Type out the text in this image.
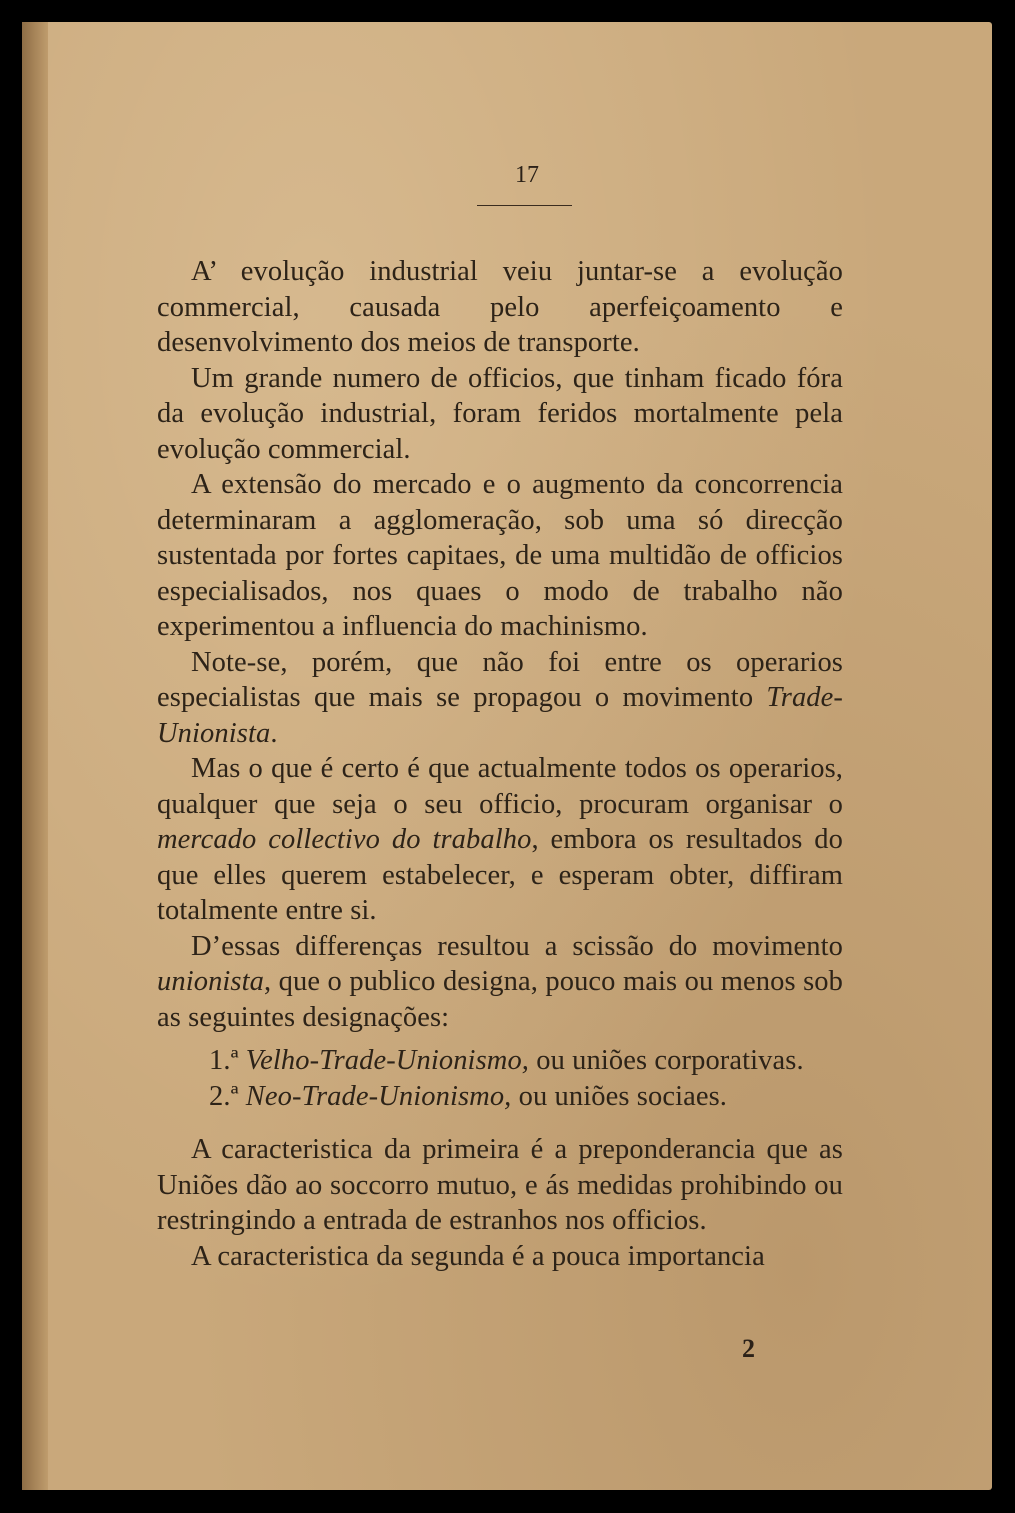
17

A’ evolução industrial veiu juntar-se a evolução commercial, causada pelo aperfeiçoamento e desenvolvimento dos meios de transporte.

Um grande numero de officios, que tinham ficado fóra da evolução industrial, foram feridos mortalmente pela evolução commercial.

A extensão do mercado e o augmento da concorrencia determinaram a agglomeração, sob uma só direcção sustentada por fortes capitaes, de uma multidão de officios especialisados, nos quaes o modo de trabalho não experimentou a influencia do machinismo.

Note-se, porém, que não foi entre os operarios especialistas que mais se propagou o movimento Trade-Unionista.

Mas o que é certo é que actualmente todos os operarios, qualquer que seja o seu officio, procuram organisar o mercado collectivo do trabalho, embora os resultados do que elles querem estabelecer, e esperam obter, diffiram totalmente entre si.

D’essas differenças resultou a scissão do movimento unionista, que o publico designa, pouco mais ou menos sob as seguintes designações:

1.ª Velho-Trade-Unionismo, ou uniões corporativas.

2.ª Neo-Trade-Unionismo, ou uniões sociaes.

A caracteristica da primeira é a preponderancia que as Uniões dão ao soccorro mutuo, e ás medidas prohibindo ou restringindo a entrada de estranhos nos officios.

A caracteristica da segunda é a pouca importancia

2
